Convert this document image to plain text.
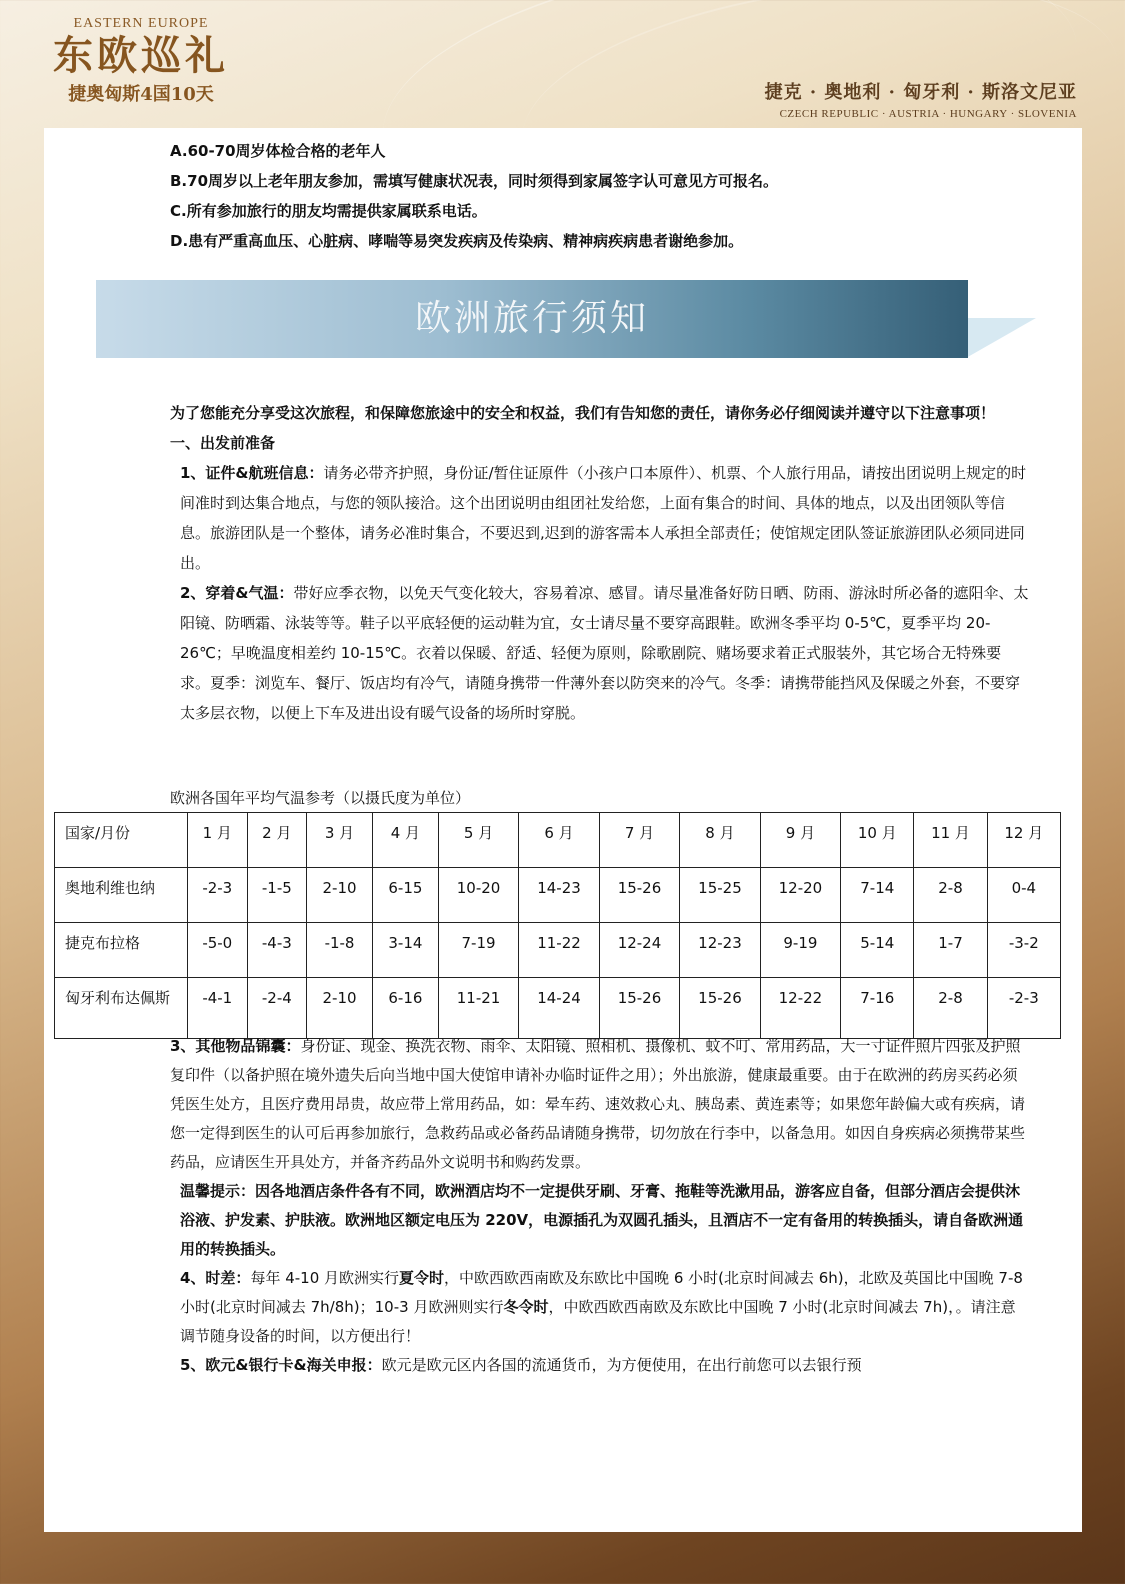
EASTERN EUROPE
东欧巡礼
捷奥匈斯4国10天	捷克 · 奥地利 · 匈牙利 · 斯洛文尼亚
CZECH REPUBLIC · AUSTRIA · HUNGARY · SLOVENIA

A.60-70周岁体检合格的老年人

B.70周岁以上老年朋友参加，需填写健康状况表，同时须得到家属签字认可意见方可报名。

C.所有参加旅行的朋友均需提供家属联系电话。

D.患有严重高血压、心脏病、哮喘等易突发疾病及传染病、精神病疾病患者谢绝参加。

欧洲旅行须知

为了您能充分享受这次旅程，和保障您旅途中的安全和权益，我们有告知您的责任，请你务必仔细阅读并遵守以下注意事项！

一、出发前准备

1、证件&航班信息：请务必带齐护照，身份证/暂住证原件（小孩户口本原件）、机票、个人旅行用品，请按出团说明上规定的时间准时到达集合地点，与您的领队接洽。这个出团说明由组团社发给您，上面有集合的时间、具体的地点，以及出团领队等信息。旅游团队是一个整体，请务必准时集合，不要迟到,迟到的游客需本人承担全部责任；使馆规定团队签证旅游团队必须同进同出。

2、穿着&气温：带好应季衣物，以免天气变化较大，容易着凉、感冒。请尽量准备好防日晒、防雨、游泳时所必备的遮阳伞、太阳镜、防晒霜、泳装等等。鞋子以平底轻便的运动鞋为宜，女士请尽量不要穿高跟鞋。欧洲冬季平均 0-5℃，夏季平均 20-26℃；早晚温度相差约 10-15℃。衣着以保暖、舒适、轻便为原则，除歌剧院、赌场要求着正式服装外，其它场合无特殊要求。夏季：浏览车、餐厅、饭店均有冷气，请随身携带一件薄外套以防突来的冷气。冬季：请携带能挡风及保暖之外套，不要穿太多层衣物，以便上下车及进出设有暖气设备的场所时穿脱。

欧洲各国年平均气温参考（以摄氏度为单位）
国家/月份	1 月	2 月	3 月	4 月	5 月	6 月	7 月	8 月	9 月	10 月	11 月	12 月
奥地利维也纳	-2-3	-1-5	2-10	6-15	10-20	14-23	15-26	15-25	12-20	7-14	2-8	0-4
捷克布拉格	-5-0	-4-3	-1-8	3-14	7-19	11-22	12-24	12-23	9-19	5-14	1-7	-3-2
匈牙利布达佩斯	-4-1	-2-4	2-10	6-16	11-21	14-24	15-26	15-26	12-22	7-16	2-8	-2-3

3、其他物品锦囊：身份证、现金、换洗衣物、雨伞、太阳镜、照相机、摄像机、蚊不叮、常用药品，大一寸证件照片四张及护照复印件（以备护照在境外遗失后向当地中国大使馆申请补办临时证件之用）；外出旅游，健康最重要。由于在欧洲的药房买药必须凭医生处方，且医疗费用昂贵，故应带上常用药品，如：晕车药、速效救心丸、胰岛素、黄连素等；如果您年龄偏大或有疾病，请您一定得到医生的认可后再参加旅行，急救药品或必备药品请随身携带，切勿放在行李中，以备急用。如因自身疾病必须携带某些药品，应请医生开具处方，并备齐药品外文说明书和购药发票。

温馨提示：因各地酒店条件各有不同，欧洲酒店均不一定提供牙刷、牙膏、拖鞋等洗漱用品，游客应自备，但部分酒店会提供沐浴液、护发素、护肤液。欧洲地区额定电压为 220V，电源插孔为双圆孔插头，且酒店不一定有备用的转换插头，请自备欧洲通用的转换插头。

4、时差：每年 4-10 月欧洲实行夏令时，中欧西欧西南欧及东欧比中国晚 6 小时(北京时间减去 6h)，北欧及英国比中国晚 7-8 小时(北京时间减去 7h/8h)；10-3 月欧洲则实行冬令时，中欧西欧西南欧及东欧比中国晚 7 小时(北京时间减去 7h)，。请注意调节随身设备的时间，以方便出行！

5、欧元&银行卡&海关申报：欧元是欧元区内各国的流通货币，为方便使用，在出行前您可以去银行预
